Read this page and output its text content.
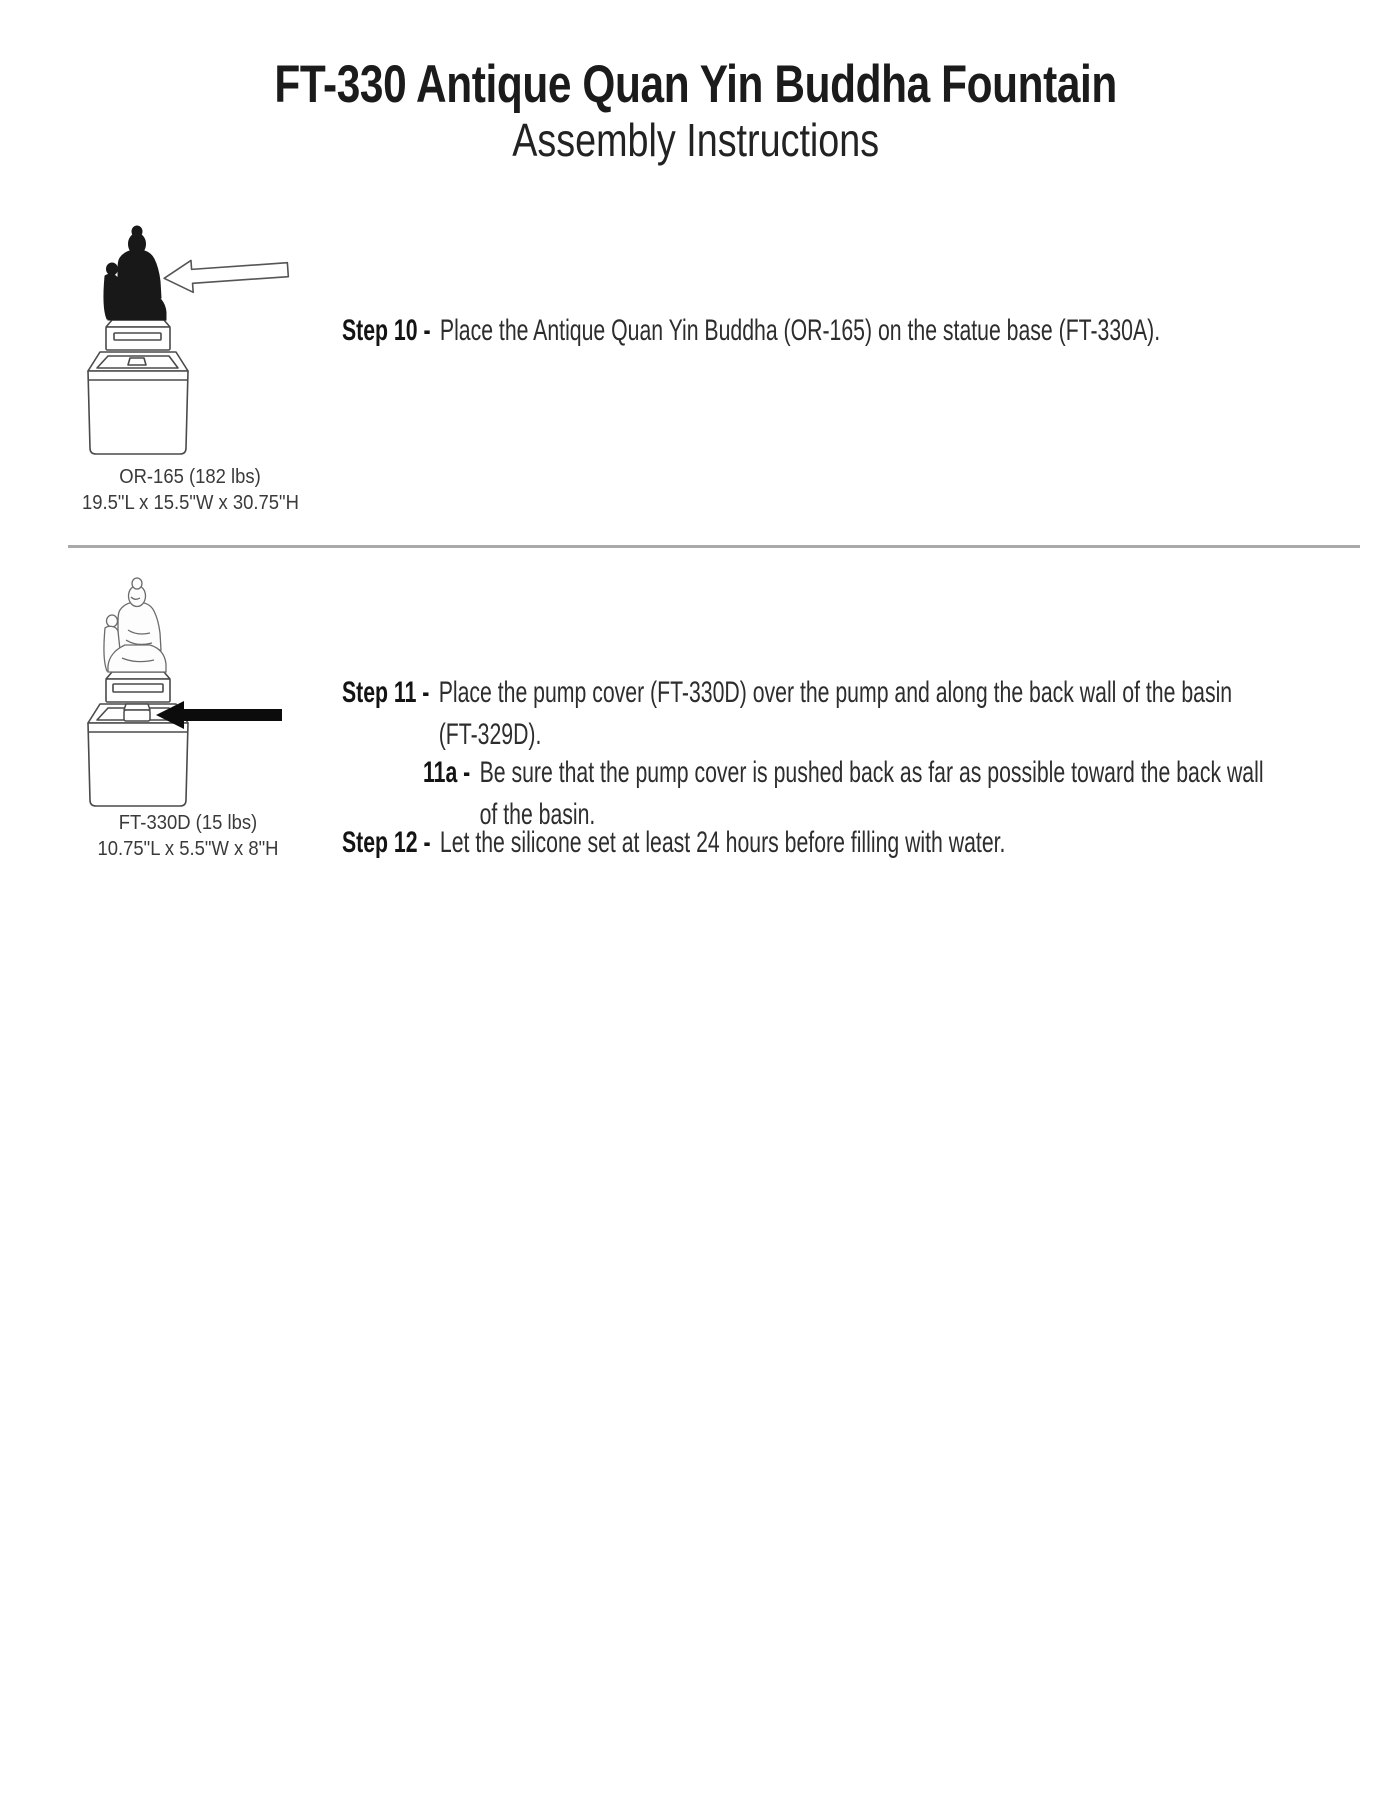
FT-330 Antique Quan Yin Buddha Fountain
Assembly Instructions
OR-165 (182 lbs)
19.5"L x 15.5"W x 30.75"H
Step 10 - Place the Antique Quan Yin Buddha (OR-165) on the statue base (FT-330A).
FT-330D (15 lbs)
10.75"L x 5.5"W x 8"H
Step 11 - Place the pump cover (FT-330D) over the pump and along the back wall of the basin
(FT-329D).
11a - Be sure that the pump cover is pushed back as far as possible toward the back wall
of the basin.
Step 12 - Let the silicone set at least 24 hours before filling with water.
